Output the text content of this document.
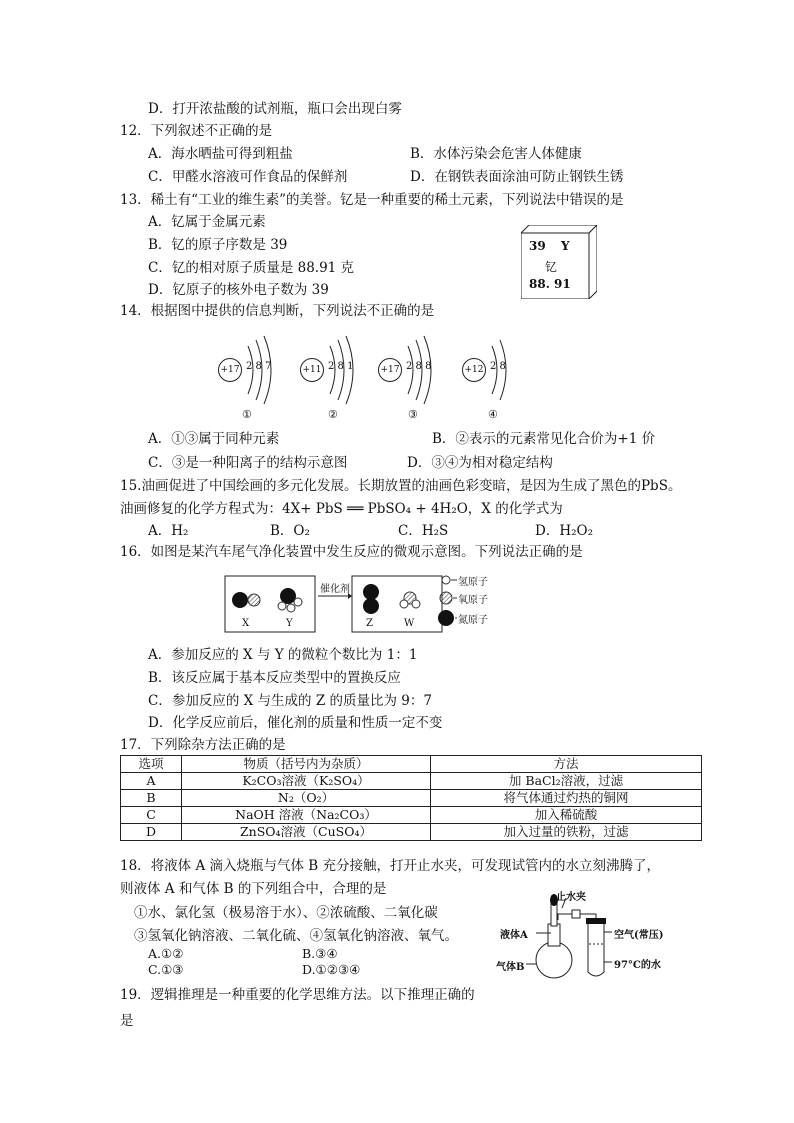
D．打开浓盐酸的试剂瓶，瓶口会出现白雾
12．下列叙述不正确的是
A．海水晒盐可得到粗盐	B．水体污染会危害人体健康
C．甲醛水溶液可作食品的保鲜剂	D．在钢铁表面涂油可防止钢铁生锈
13．稀土有“工业的维生素”的美誉。钇是一种重要的稀土元素，下列说法中错误的是
A．钇属于金属元素
B．钇的原子序数是 39
C．钇的相对原子质量是 88.91 克
D．钇原子的核外电子数为 39
39 Y
钇
88. 91
14．根据图中提供的信息判断，下列说法不正确的是
+17 2 8 7
①
+11 2 8 1
②
+17 2 8 8
③
+12 2 8
④
A．①③属于同种元素	B．②表示的元素常见化合价为+1 价
C．③是一种阳离子的结构示意图	D．③④为相对稳定结构
15.油画促进了中国绘画的多元化发展。长期放置的油画色彩变暗，是因为生成了黑色的PbS。
油画修复的化学方程式为：4X+ PbS ══ PbSO₄ + 4H₂O，X 的化学式为
A．H₂	B．O₂	C．H₂S	D．H₂O₂
16．如图是某汽车尾气净化装置中发生反应的微观示意图。下列说法正确的是
催化剂
X	Y	Z	W
氢原子
氧原子
氮原子
A．参加反应的 X 与 Y 的微粒个数比为 1：1
B．该反应属于基本反应类型中的置换反应
C．参加反应的 X 与生成的 Z 的质量比为 9：7
D．化学反应前后，催化剂的质量和性质一定不变
17．下列除杂方法正确的是
选项	物质（括号内为杂质）	方法
A	K₂CO₃溶液（K₂SO₄）	加 BaCl₂溶液，过滤
B	N₂（O₂）	将气体通过灼热的铜网
C	NaOH 溶液（Na₂CO₃）	加入稀硫酸
D	ZnSO₄溶液（CuSO₄）	加入过量的铁粉，过滤
18．将液体 A 滴入烧瓶与气体 B 充分接触，打开止水夹，可发现试管内的水立刻沸腾了，
则液体 A 和气体 B 的下列组合中，合理的是
①水、氯化氢（极易溶于水）、②浓硫酸、二氧化碳
③氢氧化钠溶液、二氧化硫、④氢氧化钠溶液、氧气。
A.①②	B.③④
C.①③	D.①②③④
止水夹
液体A
气体B
空气(常压)
97°C的水
19．逻辑推理是一种重要的化学思维方法。以下推理正确的
是
